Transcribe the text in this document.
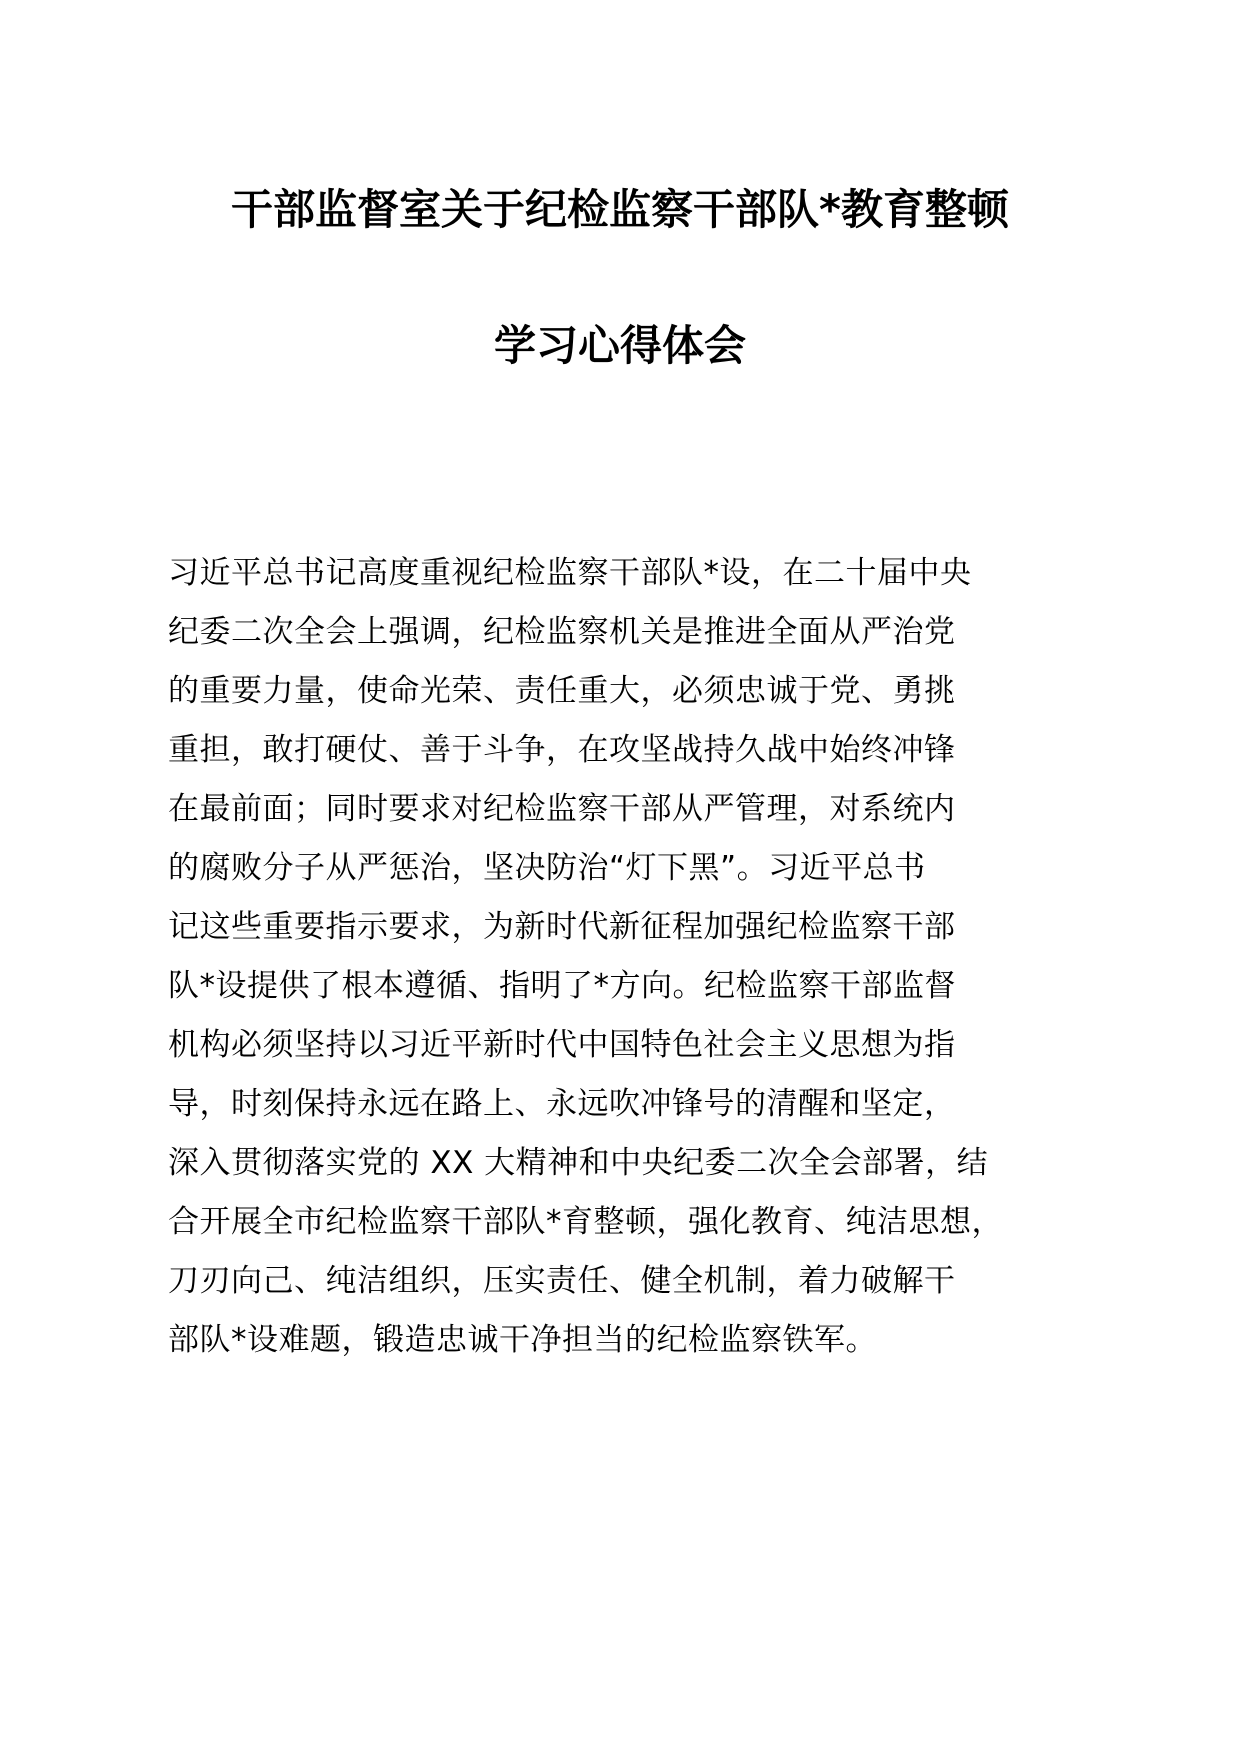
干部监督室关于纪检监察干部队*教育整顿
学习心得体会
习近平总书记高度重视纪检监察干部队*设，在二十届中央
纪委二次全会上强调，纪检监察机关是推进全面从严治党
的重要力量，使命光荣、责任重大，必须忠诚于党、勇挑
重担，敢打硬仗、善于斗争，在攻坚战持久战中始终冲锋
在最前面；同时要求对纪检监察干部从严管理，对系统内
的腐败分子从严惩治，坚决防治“灯下黑”。习近平总书
记这些重要指示要求，为新时代新征程加强纪检监察干部
队*设提供了根本遵循、指明了*方向。纪检监察干部监督
机构必须坚持以习近平新时代中国特色社会主义思想为指
导，时刻保持永远在路上、永远吹冲锋号的清醒和坚定，
深入贯彻落实党的 XX 大精神和中央纪委二次全会部署，结
合开展全市纪检监察干部队*育整顿，强化教育、纯洁思想，
刀刃向己、纯洁组织，压实责任、健全机制，着力破解干
部队*设难题，锻造忠诚干净担当的纪检监察铁军。
